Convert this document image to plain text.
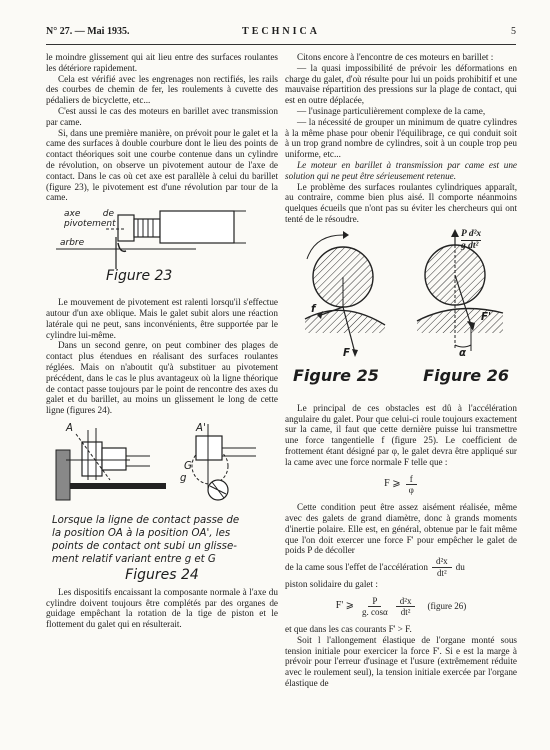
N° 27. — Mai 1935.	TECHNICA	5

le moindre glissement qui ait lieu entre des surfaces roulantes les détériore rapidement.

Cela est vérifié avec les engrenages non rectifiés, les rails des courbes de chemin de fer, les roulements à cuvette des pédaliers de bicyclette, etc...

C'est aussi le cas des moteurs en barillet avec transmission par came.

Si, dans une première manière, on prévoit pour le galet et la came des surfaces à double courbure dont le lieu des points de contact théoriques soit une courbe contenue dans un cylindre de révolution, on observe un pivotement autour de l'axe de contact. Dans le cas où cet axe est parallèle à celui du barillet (figure 23), le pivotement est d'une révolution par tour de la came.

axe de pivotement
arbre
Figure 23

Le mouvement de pivotement est ralenti lorsqu'il s'effectue autour d'un axe oblique. Mais le galet subit alors une réaction latérale qui ne peut, sans inconvénients, être supportée par le cylindre lui-même.

Dans un second genre, on peut combiner des plages de contact plus étendues en réalisant des surfaces roulantes réglées. Mais on n'aboutit qu'à substituer au pivotement précédent, dans le cas le plus avantageux où la ligne théorique de contact passe toujours par le point de rencontre des axes du galet et du barillet, au moins un glissement le long de cette ligne (figures 24).

A	A'
G
g
Lorsque la ligne de contact passe de
la position OA à la position OA', les
points de contact ont subi un glisse-
ment relatif variant entre g et G
Figures 24

Les dispositifs encaissant la composante normale à l'axe du cylindre doivent toujours être complétés par des organes de guidage empêchant la rotation de la tige de piston et le flottement du galet qui en résulterait.

Citons encore à l'encontre de ces moteurs en barillet :

— la quasi impossibilité de prévoir les déformations en charge du galet, d'où résulte pour lui un poids prohibitif et une mauvaise répartition des pressions sur la plage de contact, qui est en outre déplacée,

— l'usinage particulièrement complexe de la came,

— la nécessité de grouper un minimum de quatre cylindres à la même phase pour obenir l'équilibrage, ce qui conduit soit à un trop grand nombre de cylindres, soit à un couple trop peu uniforme, etc...

Le moteur en barillet à transmission par came est une solution qui ne peut être sérieusement retenue.

Le problème des surfaces roulantes cylindriques apparaît, au contraire, comme bien plus aisé. Il comporte néanmoins quelques écueils que n'ont pas su éviter les chercheurs qui ont tenté de le résoudre.

$\frac{\text{P d²x}}{\text{g dt²}}$
f
F
F'
α
Figure 25	Figure 26

Le principal de ces obstacles est dû à l'accélération angulaire du galet. Pour que celui-ci roule toujours exactement sur la came, il faut que cette dernière puisse lui transmettre une force tangentielle f (figure 25). Le coefficient de frottement étant désigné par φ, le galet devra être appliqué sur la came avec une force normale F telle que :

F ⩾ $\frac{f}{\varphi}$

Cette condition peut être assez aisément réalisée, même avec des galets de grand diamètre, donc à grands moments d'inertie polaire. Elle est, en général, obtenue par le fait même que l'on doit exercer une force F' pour empêcher le galet de poids P de décoller

de la came sous l'effet de l'accélération $\frac{\text{d²x}}{\text{dt²}}$ du

piston solidaire du galet :

F' ⩾ $\frac{P}{g. \cos\alpha} \frac{\text{d²x}}{\text{dt²}}$ (figure 26)

et que dans les cas courants F' > F.

Soit l l'allongement élastique de l'organe monté sous tension initiale pour exercicer la force F'. Si e est la marge à prévoir pour l'erreur d'usinage et l'usure (extrêmement réduite avec le roulement seul), la tension initiale exercée par l'organe élastique de
